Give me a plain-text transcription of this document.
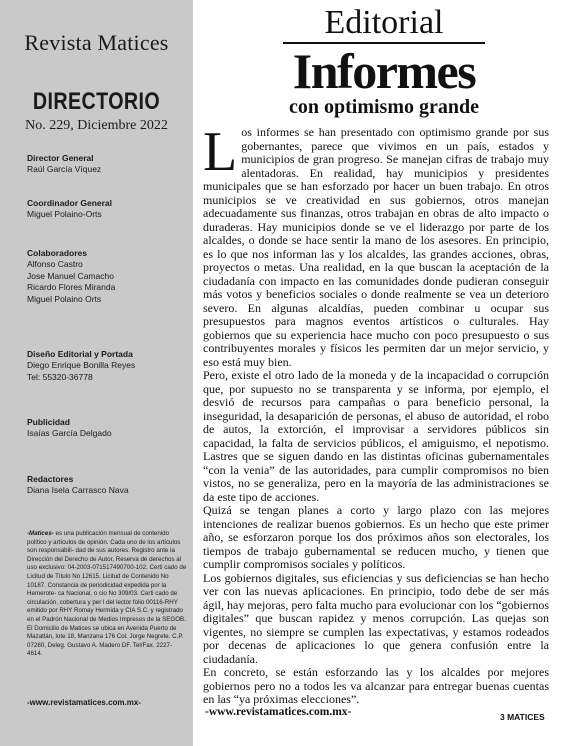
Revista Matices
DIRECTORIO
No. 229, Diciembre 2022
Director General
Raúl García Víquez
Coordinador General
Miguel Polaino-Orts
Colaboradores
Alfonso Castro
Jose Manuel Camacho
Ricardo Flores Miranda
Miguel Polaino Orts
Diseño Editorial y Portada
Diego Enrique Bonilla Reyes
Tel: 55320-36778
Publicidad
Isaías García Delgado
Redactores
Diana Isela Carrasco Nava

-Matices- es una publicación mensual de contenido político y artículos de opinión. Cada uno de los artículos son responsabili- dad de sus autores. Registro ante la Dirección del Derecho de Autor, Reserva de derechos al uso exclusivo: 04-2003-071517490700-102. Certi cado de Licitud de Título No 12615. Licitud de Contenido No 10187. Constancia de periodicidad expedida por la Hemerote- ca Nacional, o cio No 309/03. Certi cado de circulación, cobertura y per l del lector folio 00116-RHY emitido por RHY Romay Hermida y CIA S.C. y registrado en el Padrón Nacional de Medios Impresos de la SEGOB.

El Domicilio de Matices se ubica en Avenida Puerto de Mazatlán, lote 18, Manzana 176 Col. Jorge Negrete. C.P. 07280, Deleg. Gustavo A. Madero DF. Tel/Fax. 2227-4614.

-www.revistamatices.com.mx-
Editorial
Informes
con optimismo grande

Los informes se han presentado con optimismo grande por sus gobernantes, parece que vivimos en un país, estados y municipios de gran progreso. Se manejan cifras de trabajo muy alentadoras. En realidad, hay municipios y presidentes municipales que se han esforzado por hacer un buen trabajo. En otros municipios se ve creatividad en sus gobiernos, otros manejan adecuadamente sus finanzas, otros trabajan en obras de alto impacto o duraderas. Hay municipios donde se ve el liderazgo por parte de los alcaldes, o donde se hace sentir la mano de los asesores. En principio, es lo que nos informan las y los alcaldes, las grandes acciones, obras, proyectos o metas. Una realidad, en la que buscan la aceptación de la ciudadanía con impacto en las comunidades donde pudieran conseguir más votos y beneficios sociales o donde realmente se vea un deterioro severo. En algunas alcaldías, pueden combinar u ocupar sus presupuestos para magnos eventos artísticos o culturales. Hay gobiernos que su experiencia hace mucho con poco presupuesto o sus contribuyentes morales y físicos les permiten dar un mejor servicio, y eso está muy bien.

Pero, existe el otro lado de la moneda y de la incapacidad o corrupción que, por supuesto no se transparenta y se informa, por ejemplo, el desvió de recursos para campañas o para beneficio personal, la inseguridad, la desaparición de personas, el abuso de autoridad, el robo de autos, la extorción, el improvisar a servidores públicos sin capacidad, la falta de servicios públicos, el amiguismo, el nepotismo. Lastres que se siguen dando en las distintas oficinas gubernamentales “con la venia” de las autoridades, para cumplir compromisos no bien vistos, no se generaliza, pero en la mayoría de las administraciones se da este tipo de acciones.

Quizá se tengan planes a corto y largo plazo con las mejores intenciones de realizar buenos gobiernos. Es un hecho que este primer año, se esforzaron porque los dos próximos años son electorales, los tiempos de trabajo gubernamental se reducen mucho, y tienen que cumplir compromisos sociales y políticos.

Los gobiernos digitales, sus eficiencias y sus deficiencias se han hecho ver con las nuevas aplicaciones. En principio, todo debe de ser más ágil, hay mejoras, pero falta mucho para evolucionar con los “gobiernos digitales” que buscan rapidez y menos corrupción. Las quejas son vigentes, no siempre se cumplen las expectativas, y estamos rodeados por decenas de aplicaciones lo que genera confusión entre la ciudadanía.

En concreto, se están esforzando las y los alcaldes por mejores gobiernos pero no a todos les va alcanzar para entregar buenas cuentas en las “ya próximas elecciones”.

-www.revistamatices.com.mx-	3 MATICES
